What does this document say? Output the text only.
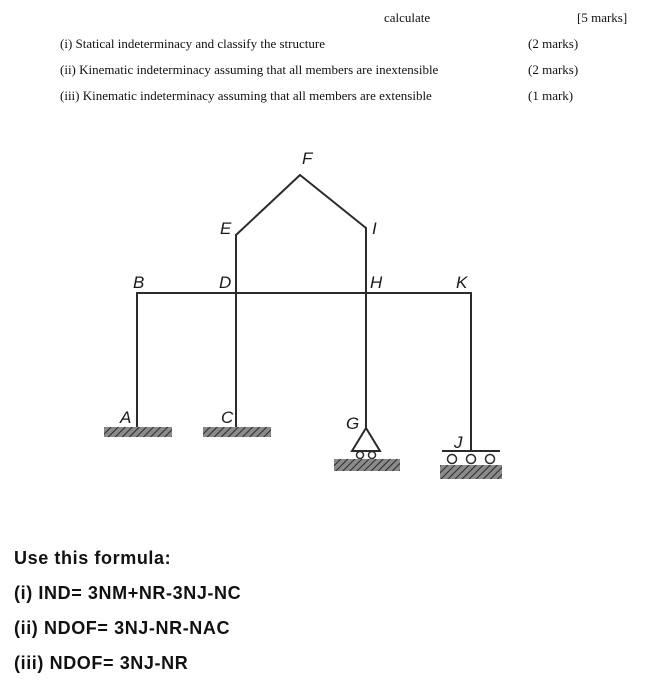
calculate	[5 marks]
(i) Statical indeterminacy and classify the structure	(2 marks)
(ii) Kinematic indeterminacy assuming that all members are inextensible	(2 marks)
(iii) Kinematic indeterminacy assuming that all members are extensible	(1 mark)
F
E	I
B	D	H	K
A	C	G
J
Use this formula:
(i) IND= 3NM+NR-3NJ-NC
(ii) NDOF= 3NJ-NR-NAC
(iii) NDOF= 3NJ-NR
